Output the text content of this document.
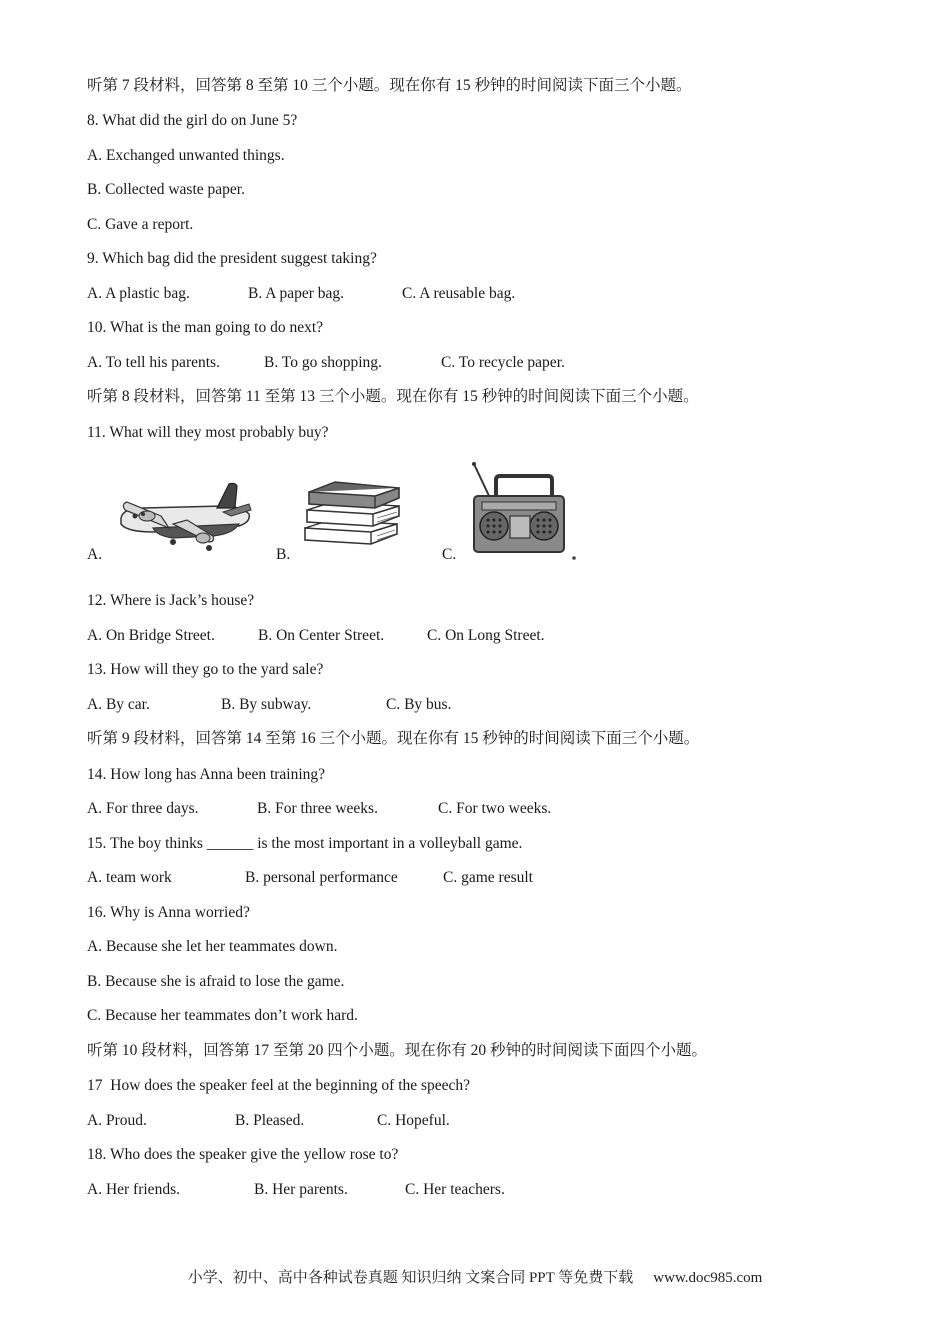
听第 7 段材料，回答第 8 至第 10 三个小题。现在你有 15 秒钟的时间阅读下面三个小题。
8. What did the girl do on June 5?
A. Exchanged unwanted things.
B. Collected waste paper.
C. Gave a report.
9. Which bag did the president suggest taking?

A. A plastic bag.

	B. A paper bag.

	C. A reusable bag.

10. What is the man going to do next?

A. To tell his parents.

	B. To go shopping.

	C. To recycle paper.

听第 8 段材料，回答第 11 至第 13 三个小题。现在你有 15 秒钟的时间阅读下面三个小题。
11. What will they most probably buy?
A.	B.	C.
12. Where is Jack’s house?

A. On Bridge Street.

	B. On Center Street.

	C. On Long Street.

13. How will they go to the yard sale?

A. By car.

	B. By subway.

	C. By bus.

听第 9 段材料，回答第 14 至第 16 三个小题。现在你有 15 秒钟的时间阅读下面三个小题。
14. How long has Anna been training?

A. For three days.

	B. For three weeks.

	C. For two weeks.

15. The boy thinks ______ is the most important in a volleyball game.

A. team work

	B. personal performance

	C. game result

16. Why is Anna worried?
A. Because she let her teammates down.
B. Because she is afraid to lose the game.
C. Because her teammates don’t work hard.
听第 10 段材料，回答第 17 至第 20 四个小题。现在你有 20 秒钟的时间阅读下面四个小题。
17  How does the speaker feel at the beginning of the speech?

A. Proud.

	B. Pleased.

	C. Hopeful.

18. Who does the speaker give the yellow rose to?

A. Her friends.

	B. Her parents.

	C. Her teachers.

小学、初中、高中各种试卷真题 知识归纳 文案合同 PPT 等免费下载 www.doc985.com
